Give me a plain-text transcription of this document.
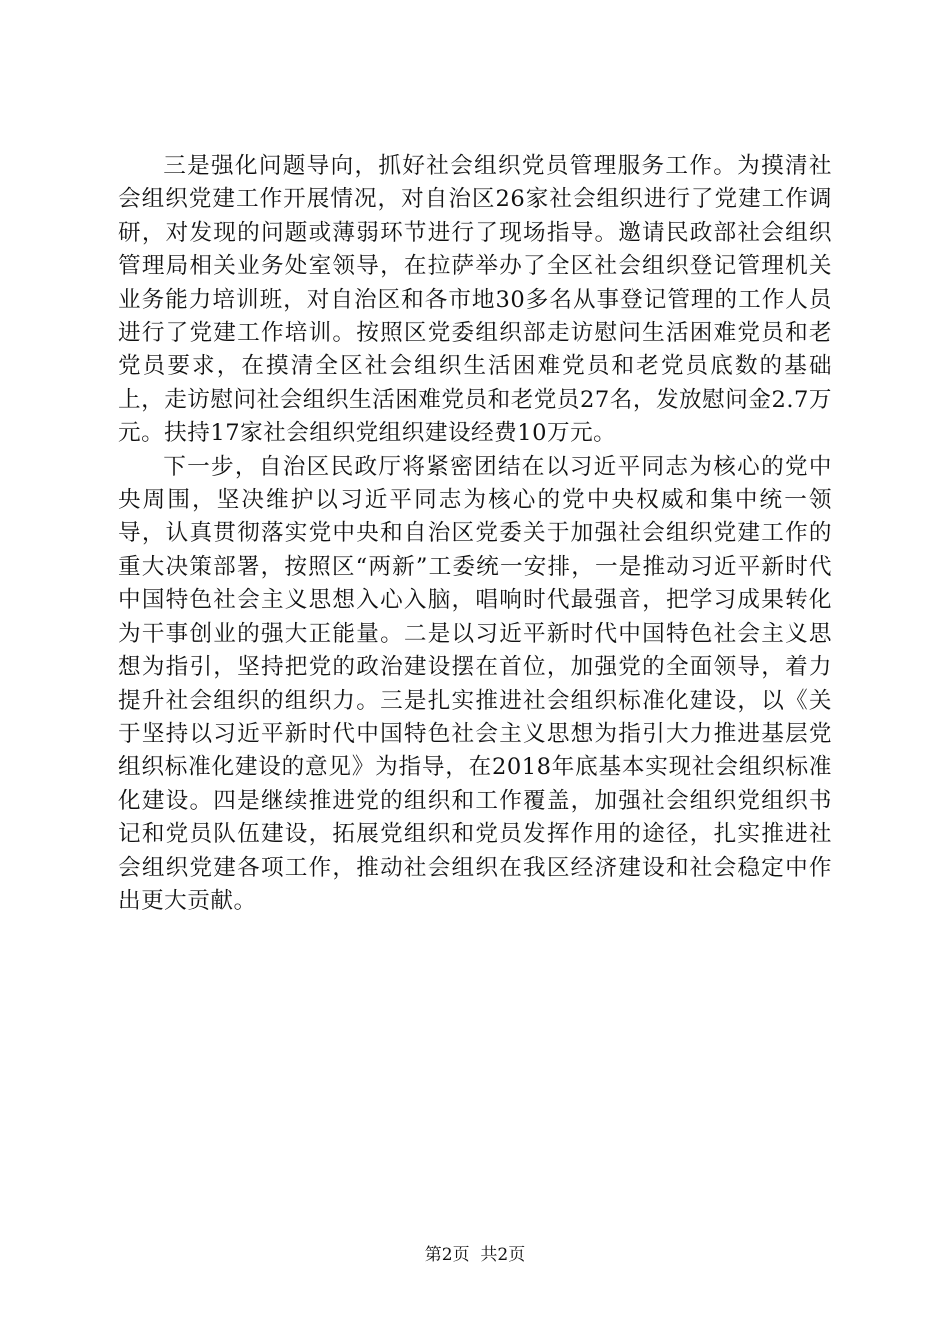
三是强化问题导向，抓好社会组织党员管理服务工作。为摸清社会组织党建工作开展情况，对自治区26家社会组织进行了党建工作调研，对发现的问题或薄弱环节进行了现场指导。邀请民政部社会组织管理局相关业务处室领导，在拉萨举办了全区社会组织登记管理机关业务能力培训班，对自治区和各市地30多名从事登记管理的工作人员进行了党建工作培训。按照区党委组织部走访慰问生活困难党员和老党员要求，在摸清全区社会组织生活困难党员和老党员底数的基础上，走访慰问社会组织生活困难党员和老党员27名，发放慰问金2.7万元。扶持17家社会组织党组织建设经费10万元。

下一步，自治区民政厅将紧密团结在以习近平同志为核心的党中央周围，坚决维护以习近平同志为核心的党中央权威和集中统一领导，认真贯彻落实党中央和自治区党委关于加强社会组织党建工作的重大决策部署，按照区“两新”工委统一安排，一是推动习近平新时代中国特色社会主义思想入心入脑，唱响时代最强音，把学习成果转化为干事创业的强大正能量。二是以习近平新时代中国特色社会主义思想为指引，坚持把党的政治建设摆在首位，加强党的全面领导，着力提升社会组织的组织力。三是扎实推进社会组织标准化建设，以《关于坚持以习近平新时代中国特色社会主义思想为指引大力推进基层党组织标准化建设的意见》为指导，在2018年底基本实现社会组织标准化建设。四是继续推进党的组织和工作覆盖，加强社会组织党组织书记和党员队伍建设，拓展党组织和党员发挥作用的途径，扎实推进社会组织党建各项工作，推动社会组织在我区经济建设和社会稳定中作出更大贡献。

第2页  共2页
